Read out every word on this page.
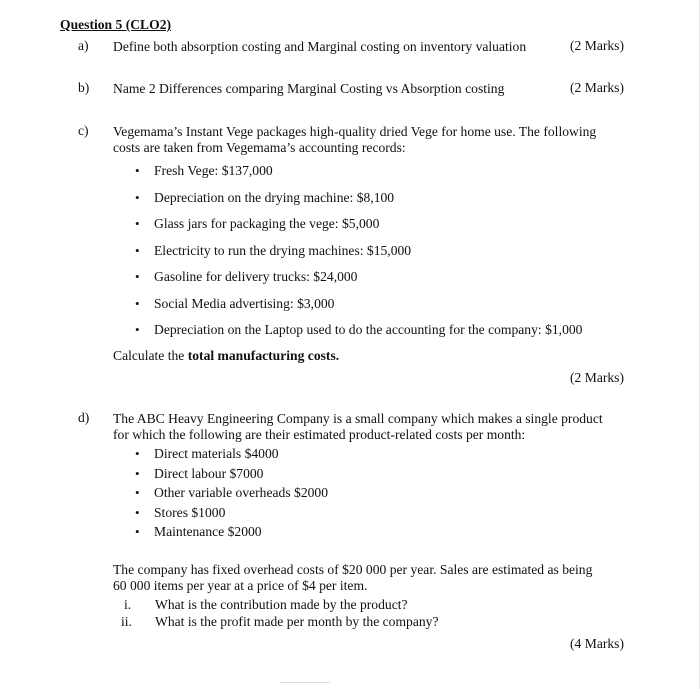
Question 5 (CLO2)
a) Define both absorption costing and Marginal costing on inventory valuation	(2 Marks)
b) Name 2 Differences comparing Marginal Costing vs Absorption costing	(2 Marks)
c) Vegemama’s Instant Vege packages high-quality dried Vege for home use. The following
costs are taken from Vegemama’s accounting records:
• Fresh Vege: $137,000
• Depreciation on the drying machine: $8,100
• Glass jars for packaging the vege: $5,000
• Electricity to run the drying machines: $15,000
• Gasoline for delivery trucks: $24,000
• Social Media advertising: $3,000
• Depreciation on the Laptop used to do the accounting for the company: $1,000
Calculate the total manufacturing costs.
(2 Marks)
d) The ABC Heavy Engineering Company is a small company which makes a single product
for which the following are their estimated product-related costs per month:
• Direct materials $4000
• Direct labour $7000
• Other variable overheads $2000
• Stores $1000
• Maintenance $2000
The company has fixed overhead costs of $20 000 per year. Sales are estimated as being
60 000 items per year at a price of $4 per item.
i. What is the contribution made by the product?
ii. What is the profit made per month by the company?
(4 Marks)
